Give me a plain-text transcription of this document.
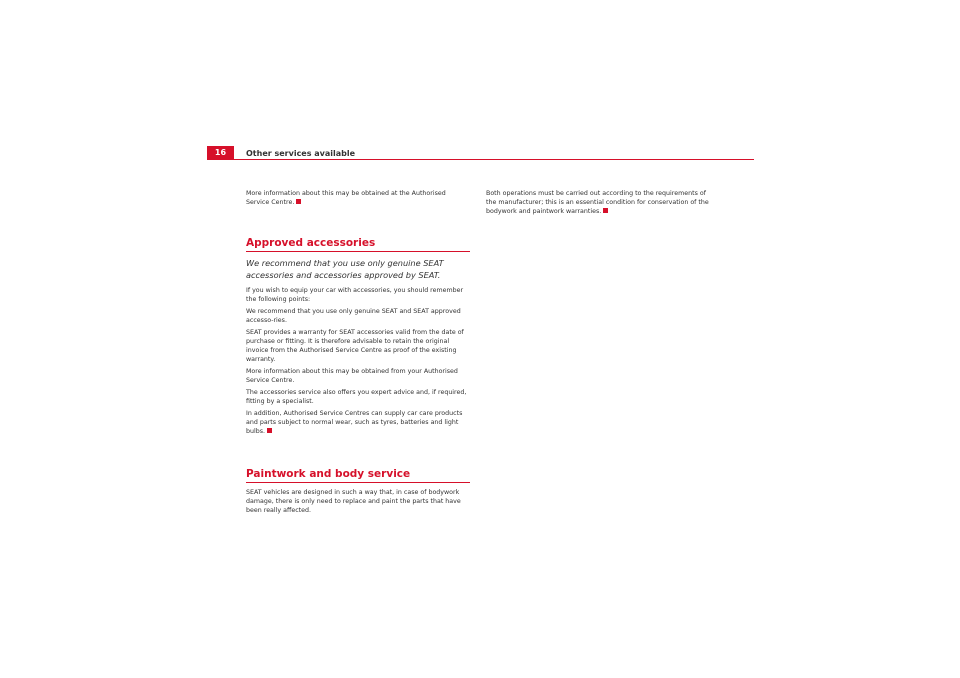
16	Other services available

More information about this may be obtained at the Authorised Service Centre.

Approved accessories

We recommend that you use only genuine SEAT accessories and accessories approved by SEAT.

If you wish to equip your car with accessories, you should remember the following points:

We recommend that you use only genuine SEAT and SEAT approved accesso-ries.

SEAT provides a warranty for SEAT accessories valid from the date of purchase or fitting. It is therefore advisable to retain the original invoice from the Authorised Service Centre as proof of the existing warranty.

More information about this may be obtained from your Authorised Service Centre.

The accessories service also offers you expert advice and, if required, fitting by a specialist.

In addition, Authorised Service Centres can supply car care products and parts subject to normal wear, such as tyres, batteries and light bulbs.

Paintwork and body service

SEAT vehicles are designed in such a way that, in case of bodywork damage, there is only need to replace and paint the parts that have been really affected.

Both operations must be carried out according to the requirements of the manufacturer; this is an essential condition for conservation of the bodywork and paintwork warranties.
